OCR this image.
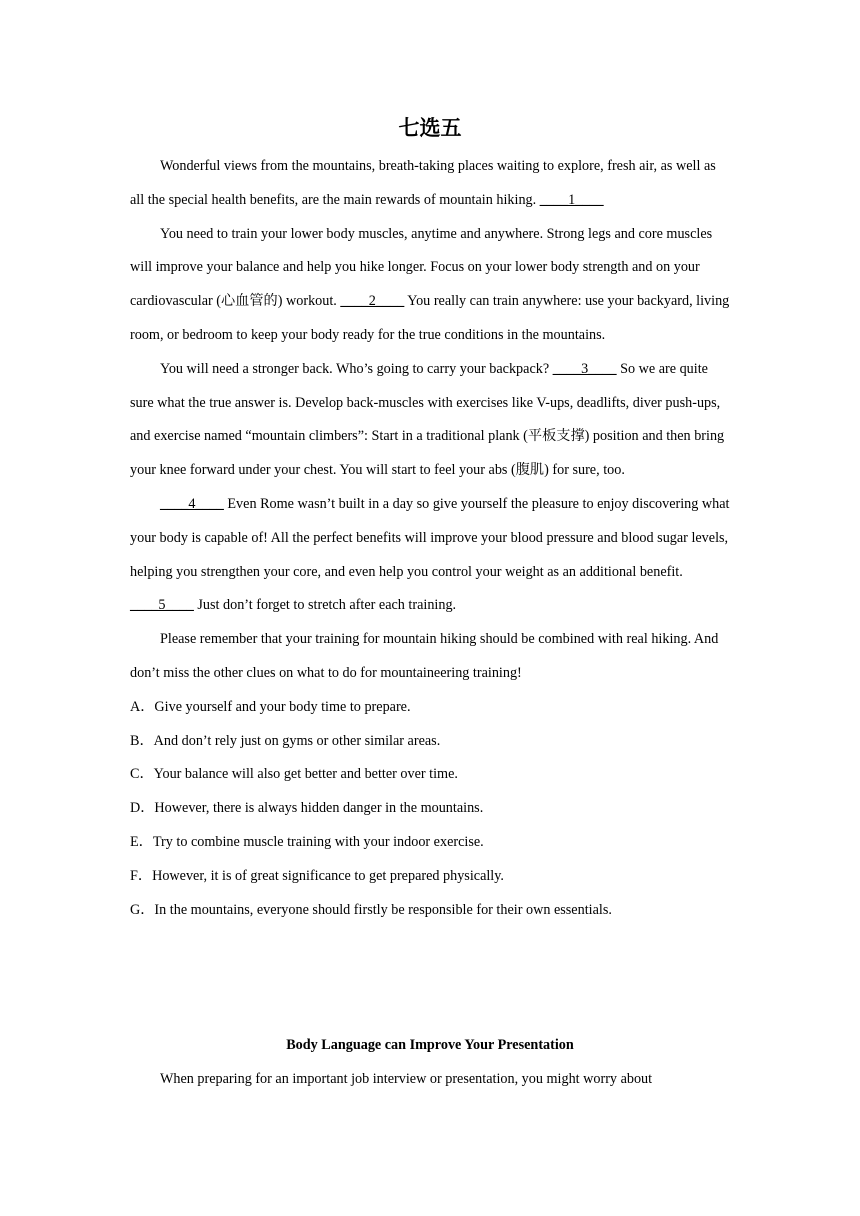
七选五

Wonderful views from the mountains, breath-taking places waiting to explore, fresh air, as well as all the special health benefits, are the main rewards of mountain hiking. ____1____

You need to train your lower body muscles, anytime and anywhere. Strong legs and core muscles will improve your balance and help you hike longer. Focus on your lower body strength and on your cardiovascular (心血管的) workout. ____2____ You really can train anywhere: use your backyard, living room, or bedroom to keep your body ready for the true conditions in the mountains.

You will need a stronger back. Who’s going to carry your backpack? ____3____ So we are quite sure what the true answer is. Develop back-muscles with exercises like V-ups, deadlifts, diver push-ups, and exercise named “mountain climbers”: Start in a traditional plank (平板支撑) position and then bring your knee forward under your chest. You will start to feel your abs (腹肌) for sure, too.

____4____ Even Rome wasn’t built in a day so give yourself the pleasure to enjoy discovering what your body is capable of! All the perfect benefits will improve your blood pressure and blood sugar levels, helping you strengthen your core, and even help you control your weight as an additional benefit. ____5____ Just don’t forget to stretch after each training.

Please remember that your training for mountain hiking should be combined with real hiking. And don’t miss the other clues on what to do for mountaineering training!

A．Give yourself and your body time to prepare.

B．And don’t rely just on gyms or other similar areas.

C．Your balance will also get better and better over time.

D．However, there is always hidden danger in the mountains.

E．Try to combine muscle training with your indoor exercise.

F．However, it is of great significance to get prepared physically.

G．In the mountains, everyone should firstly be responsible for their own essentials.

Body Language can Improve Your Presentation

When preparing for an important job interview or presentation, you might worry about
